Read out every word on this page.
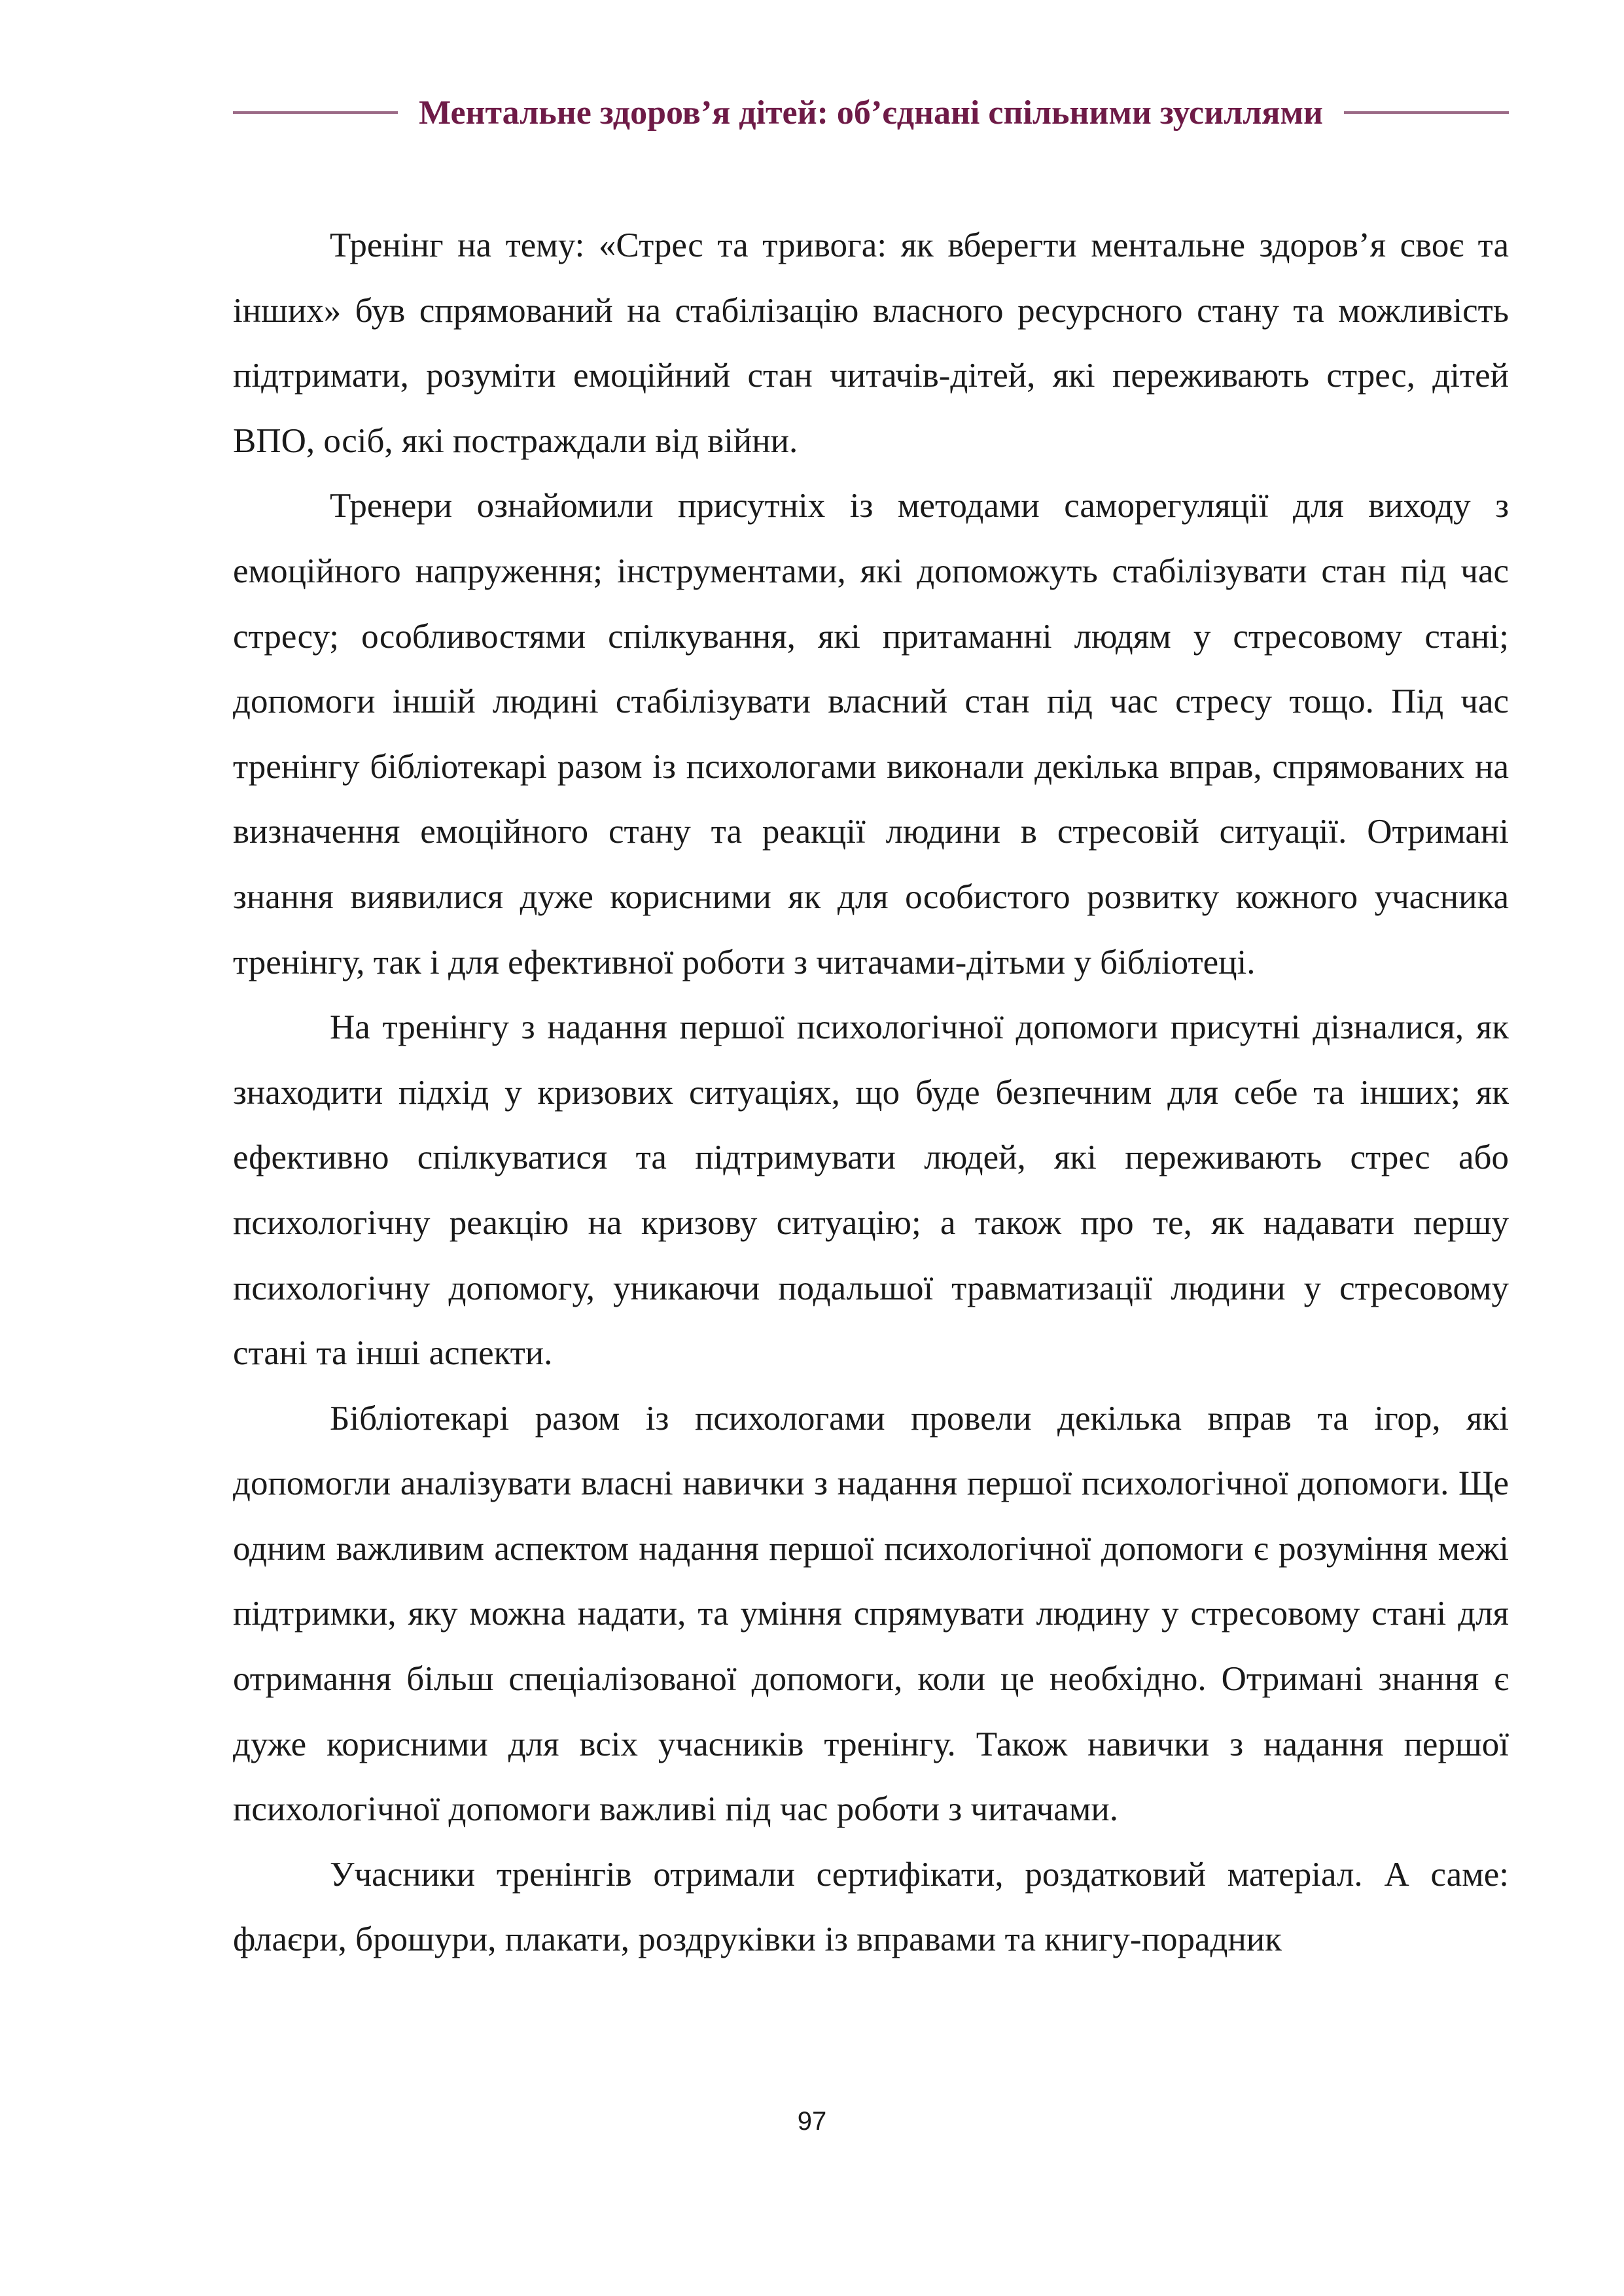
Ментальне здоров’я дітей: об’єднані спільними зусиллями

Тренінг на тему: «Стрес та тривога: як вберегти ментальне здоров’я своє та інших» був спрямований на стабілізацію власного ресурсного стану та можливість підтримати, розуміти емоційний стан читачів-дітей, які переживають стрес, дітей ВПО, осіб, які постраждали від війни.

Тренери ознайомили присутніх із методами саморегуляції для виходу з емоційного напруження; інструментами, які допоможуть стабілізувати стан під час стресу; особливостями спілкування, які притаманні людям у стресовому стані; допомоги іншій людині стабілізувати власний стан під час стресу тощо. Під час тренінгу бібліотекарі разом із психологами виконали декілька вправ, спрямованих на визначення емоційного стану та реакції людини в стресовій ситуації. Отримані знання виявилися дуже корисними як для особистого розвитку кожного учасника тренінгу, так і для ефективної роботи з читачами-дітьми у бібліотеці.

На тренінгу з надання першої психологічної допомоги присутні дізналися, як знаходити підхід у кризових ситуаціях, що буде безпечним для себе та інших; як ефективно спілкуватися та підтримувати людей, які переживають стрес або психологічну реакцію на кризову ситуацію; а також про те, як надавати першу психологічну допомогу, уникаючи подальшої травматизації людини у стресовому стані та інші аспекти.

Бібліотекарі разом із психологами провели декілька вправ та ігор, які допомогли аналізувати власні навички з надання першої психологічної допомоги. Ще одним важливим аспектом надання першої психологічної допомоги є розуміння межі підтримки, яку можна надати, та уміння спрямувати людину у стресовому стані для отримання більш спеціалізованої допомоги, коли це необхідно. Отримані знання є дуже корисними для всіх учасників тренінгу. Також навички з надання першої психологічної допомоги важливі під час роботи з читачами.

Учасники тренінгів отримали сертифікати, роздатковий матеріал. А саме: флаєри, брошури, плакати, роздруківки із вправами та книгу-порадник

97
